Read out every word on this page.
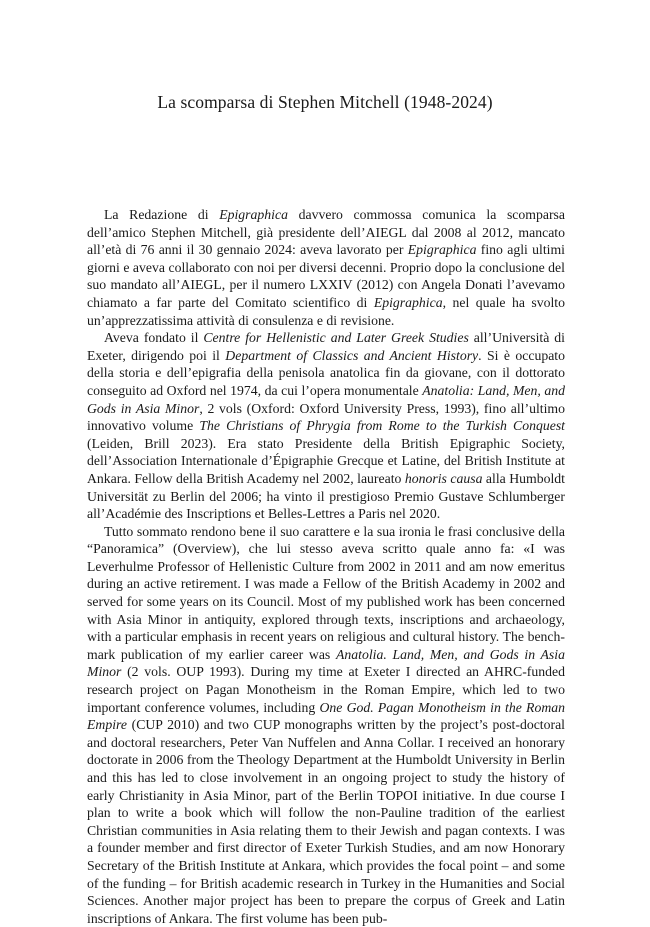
La scomparsa di Stephen Mitchell (1948-2024)

La Redazione di Epigraphica davvero commossa comunica la scomparsa dell’amico Stephen Mitchell, già presidente dell’AIEGL dal 2008 al 2012, mancato all’età di 76 anni il 30 gennaio 2024: aveva lavorato per Epigraphica fino agli ultimi giorni e aveva collaborato con noi per diversi decenni. Proprio dopo la conclusione del suo mandato all’AIEGL, per il numero LXXIV (2012) con Angela Donati l’avevamo chiamato a far parte del Comitato scientifico di Epigraphica, nel quale ha svolto un’apprezzatissima attività di consulenza e di revisione.

Aveva fondato il Centre for Hellenistic and Later Greek Studies all’Università di Exeter, dirigendo poi il Department of Classics and Ancient History. Si è occupato della storia e dell’epigrafia della penisola anatolica fin da giovane, con il dottorato conseguito ad Oxford nel 1974, da cui l’opera monumentale Anatolia: Land, Men, and Gods in Asia Minor, 2 vols (Oxford: Oxford University Press, 1993), fino all’ultimo innovativo volume The Christians of Phrygia from Rome to the Turkish Conquest (Leiden, Brill 2023). Era stato Presidente della British Epigraphic Society, dell’Association Internationale d’Épigraphie Grecque et Latine, del British Institute at Ankara. Fellow della British Academy nel 2002, laureato honoris causa alla Humboldt Universität zu Berlin del 2006; ha vinto il prestigioso Premio Gustave Schlumberger all’Académie des Inscriptions et Belles-Lettres a Paris nel 2020.

Tutto sommato rendono bene il suo carattere e la sua ironia le frasi conclusive della “Panoramica” (Overview), che lui stesso aveva scritto quale anno fa: «I was Leverhulme Professor of Hellenistic Culture from 2002 in 2011 and am now emeritus during an active retirement. I was made a Fellow of the British Academy in 2002 and served for some years on its Council. Most of my published work has been concerned with Asia Minor in antiquity, explored through texts, inscriptions and archaeology, with a particular emphasis in recent years on religious and cultural history. The bench-mark publication of my earlier career was Anatolia. Land, Men, and Gods in Asia Minor (2 vols. OUP 1993). During my time at Exeter I directed an AHRC-funded research project on Pagan Monotheism in the Roman Empire, which led to two important conference volumes, including One God. Pagan Monotheism in the Roman Empire (CUP 2010) and two CUP monographs written by the project’s post-doctoral and doctoral researchers, Peter Van Nuffelen and Anna Collar. I received an honorary doctorate in 2006 from the Theology Department at the Humboldt University in Berlin and this has led to close involvement in an ongoing project to study the history of early Christianity in Asia Minor, part of the Berlin TOPOI initiative. In due course I plan to write a book which will follow the non-Pauline tradition of the earliest Christian communities in Asia relating them to their Jewish and pagan contexts. I was a founder member and first director of Exeter Turkish Studies, and am now Honorary Secretary of the British Institute at Ankara, which provides the focal point – and some of the funding – for British academic research in Turkey in the Humanities and Social Sciences. Another major project has been to prepare the corpus of Greek and Latin inscriptions of Ankara. The first volume has been pub-
